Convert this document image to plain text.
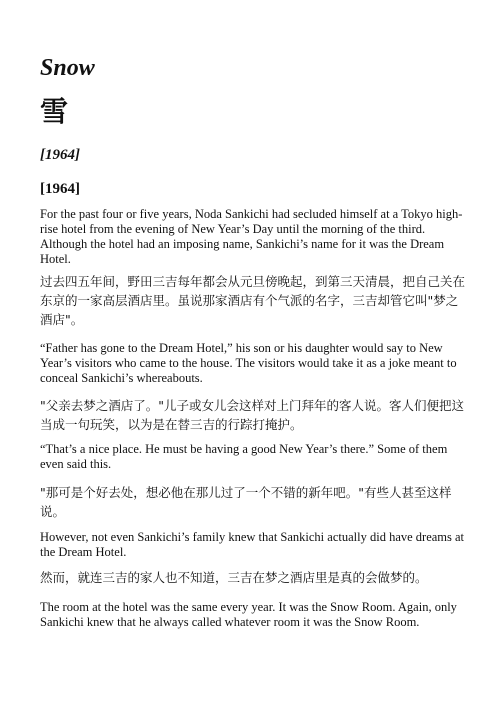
Snow
雪

[1964]

[1964]

For the past four or five years, Noda Sankichi had secluded himself at a Tokyo high-rise hotel from the evening of New Year’s Day until the morning of the third. Although the hotel had an imposing name, Sankichi’s name for it was the Dream Hotel.

过去四五年间，野田三吉每年都会从元旦傍晚起，到第三天清晨，把自己关在东京的一家高层酒店里。虽说那家酒店有个气派的名字，三吉却管它叫"梦之酒店"。

“Father has gone to the Dream Hotel,” his son or his daughter would say to New Year’s visitors who came to the house. The visitors would take it as a joke meant to conceal Sankichi’s whereabouts.

"父亲去梦之酒店了。"儿子或女儿会这样对上门拜年的客人说。客人们便把这当成一句玩笑，以为是在替三吉的行踪打掩护。

“That’s a nice place. He must be having a good New Year’s there.” Some of them even said this.

"那可是个好去处，想必他在那儿过了一个不错的新年吧。"有些人甚至这样说。

However, not even Sankichi’s family knew that Sankichi actually did have dreams at the Dream Hotel.

然而，就连三吉的家人也不知道，三吉在梦之酒店里是真的会做梦的。

The room at the hotel was the same every year. It was the Snow Room. Again, only Sankichi knew that he always called whatever room it was the Snow Room.
